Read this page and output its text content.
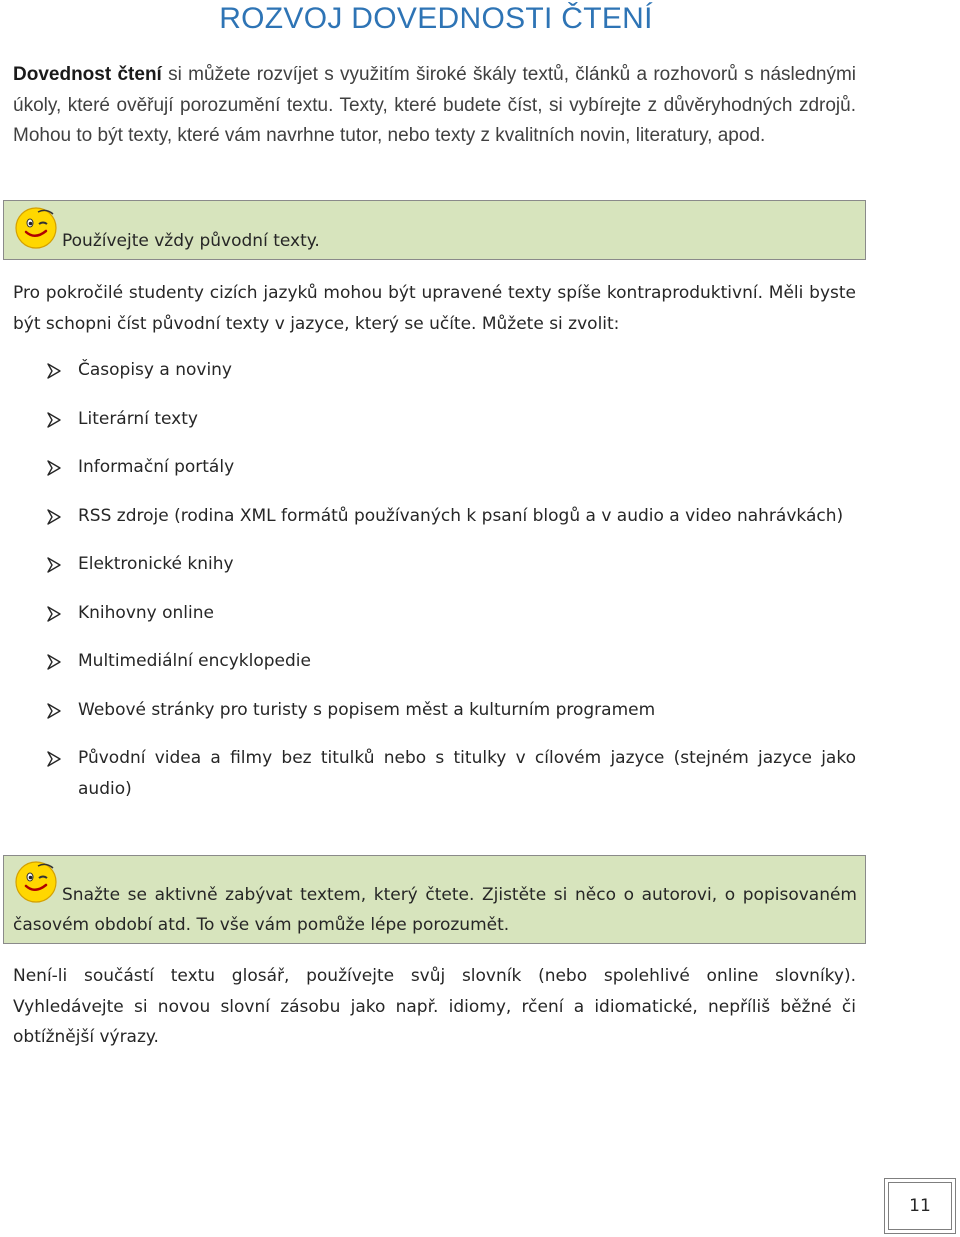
ROZVOJ DOVEDNOSTI ČTENÍ

Dovednost čtení si můžete rozvíjet s využitím široké škály textů, článků a rozhovorů s následnými úkoly, které ověřují porozumění textu. Texty, které budete číst, si vybírejte z důvěryhodných zdrojů. Mohou to být texty, které vám navrhne tutor, nebo texty z kvalitních novin, literatury, apod.

Používejte vždy původní texty.

Pro pokročilé studenty cizích jazyků mohou být upravené texty spíše kontraproduktivní. Měli byste být schopni číst původní texty v jazyce, který se učíte. Můžete si zvolit:

Časopisy a noviny
Literární texty
Informační portály
RSS zdroje (rodina XML formátů používaných k psaní blogů a v audio a video nahrávkách)
Elektronické knihy
Knihovny online
Multimediální encyklopedie
Webové stránky pro turisty s popisem měst a kulturním programem
Původní videa a filmy bez titulků nebo s titulky v cílovém jazyce (stejném jazyce jako audio)
Snažte se aktivně zabývat textem, který čtete. Zjistěte si něco o autorovi, o popisovaném časovém období atd. To vše vám pomůže lépe porozumět.

Není-li součástí textu glosář, používejte svůj slovník (nebo spolehlivé online slovníky). Vyhledávejte si novou slovní zásobu jako např. idiomy, rčení a idiomatické, nepříliš běžné či obtížnější výrazy.

11
